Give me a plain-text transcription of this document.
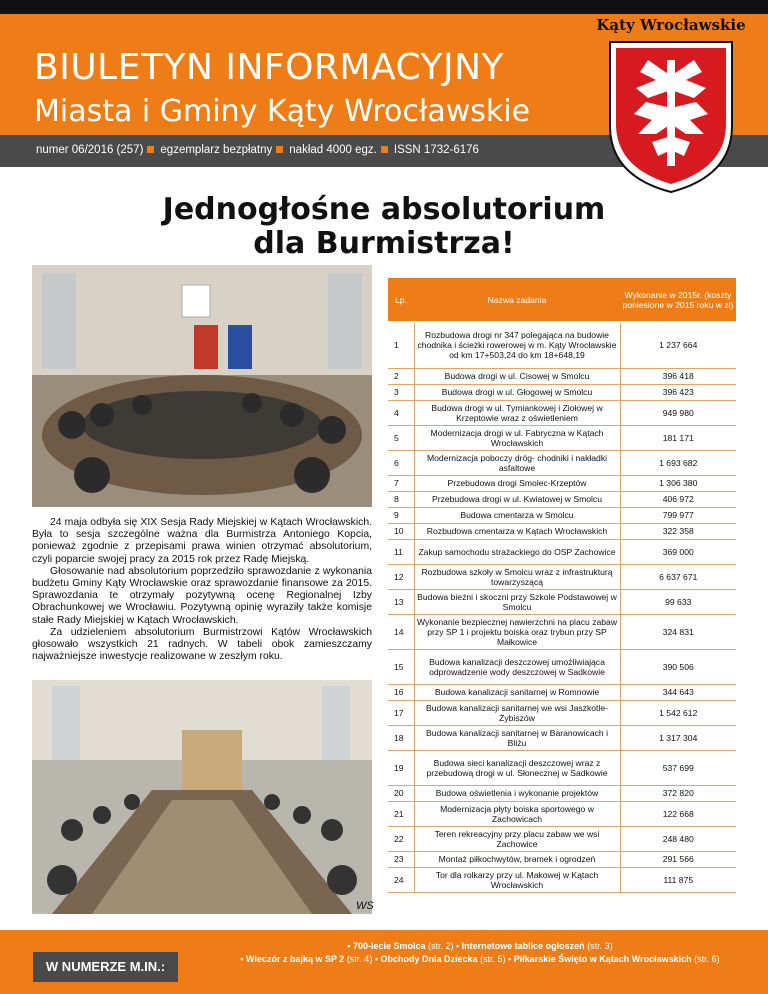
BIULETYN INFORMACYJNY
Miasta i Gminy Kąty Wrocławskie
numer 06/2016 (257) egzemplarz bezpłatny nakład 4000 egz. ISSN 1732-6176
Kąty Wrocławskie
Jednogłośne absolutorium
dla Burmistrza!

24 maja odbyła się XIX Sesja Rady Miejskiej w Kątach Wrocławskich. Była to sesja szczególne ważna dla Burmistrza Antoniego Kopcia, ponieważ zgodnie z przepisami prawa winien otrzymać absolutorium, czyli poparcie swojej pracy za 2015 rok przez Radę Miejską.

Głosowanie nad absolutorium poprzedziło sprawozdanie z wykonania budżetu Gminy Kąty Wrocławskie oraz sprawozdanie finansowe za 2015. Sprawozdania te otrzymały pozytywną ocenę Regionalnej Izby Obrachunkowej we Wrocławiu. Pozytywną opinię wyraziły także komisje stałe Rady Miejskiej w Kątach Wrocławskich.

Za udzieleniem absolutorium Burmistrzowi Kątów Wrocławskich głosowało wszystkich 21 radnych. W tabeli obok zamieszczamy najważniejsze inwestycje realizowane w zeszłym roku.

WS
Lp.	Nazwa zadania	Wykonanie w 2015r. (koszty poniesione w 2015 roku w zł)
1	Rozbudowa drogi nr 347 polegająca na budowie chodnika i ścieżki rowerowej w m. Kąty Wrocławskie od km 17+503,24 do km 18+648,19	1 237 664
2	Budowa drogi w ul. Cisowej w Smolcu	396 418
3	Budowa drogi w ul. Głogowej w Smolcu	396 423
4	Budowa drogi w ul. Tymiankowej i Ziołowej w Krzeptowie wraz z oświetleniem	949 980
5	Modernizacja drogi w ul. Fabryczna w Kątach Wrocławskich	181 171
6	Modernizacja poboczy dróg- chodniki i nakładki asfaltowe	1 693 682
7	Przebudowa drogi Smolec-Krzeptów	1 306 380
8	Przebudowa drogi w ul. Kwiatowej w Smolcu	406 972
9	Budowa cmentarza w Smolcu	799 977
10	Rozbudowa cmentarza w Kątach Wrocławskich	322 358
11	Zakup samochodu strażackiego do OSP Zachowice	369 000
12	Rozbudowa szkoły w Smolcu wraz z infrastrukturą towarzyszącą	6 637 671
13	Budowa bieżni i skoczni przy Szkole Podstawowej w Smolcu	99 633
14	Wykonanie bezpiecznej nawierzchni na placu zabaw przy SP 1 i projektu boiska oraz trybun przy SP Małkowice	324 831
15	Budowa kanalizacji deszczowej umożliwiająca odprowadzenie wody deszczowej w Sadkowie	390 506
16	Budowa kanalizacji sanitarnej w Romnowie	344 643
17	Budowa kanalizacji sanitarnej we wsi Jaszkotle-Żybiszów	1 542 612
18	Budowa kanalizacji sanitarnej w Baranowicach i Bliżu	1 317 304
19	Budowa sieci kanalizacji deszczowej wraz z przebudową drogi w ul. Słonecznej w Sadkowie	537 699
20	Budowa oświetlenia i wykonanie projektów	372 820
21	Modernizacja płyty boiska sportowego w Zachowicach	122 668
22	Teren rekreacyjny przy placu zabaw we wsi Zachowice	248 480
23	Montaż piłkochwytów, bramek i ogrodzeń	291 566
24	Tor dla rolkarzy przy ul. Makowej w Kątach Wrocławskich	111 875
W NUMERZE M.IN.:
• 700-lecie Smolca (str. 2) • Internetowe tablice ogłoszeń (str. 3)
• Wieczór z bajką w SP 2 (str. 4) • Obchody Dnia Dziecka (str. 5) • Piłkarskie Święto w Kątach Wrocławskich (str. 6)
